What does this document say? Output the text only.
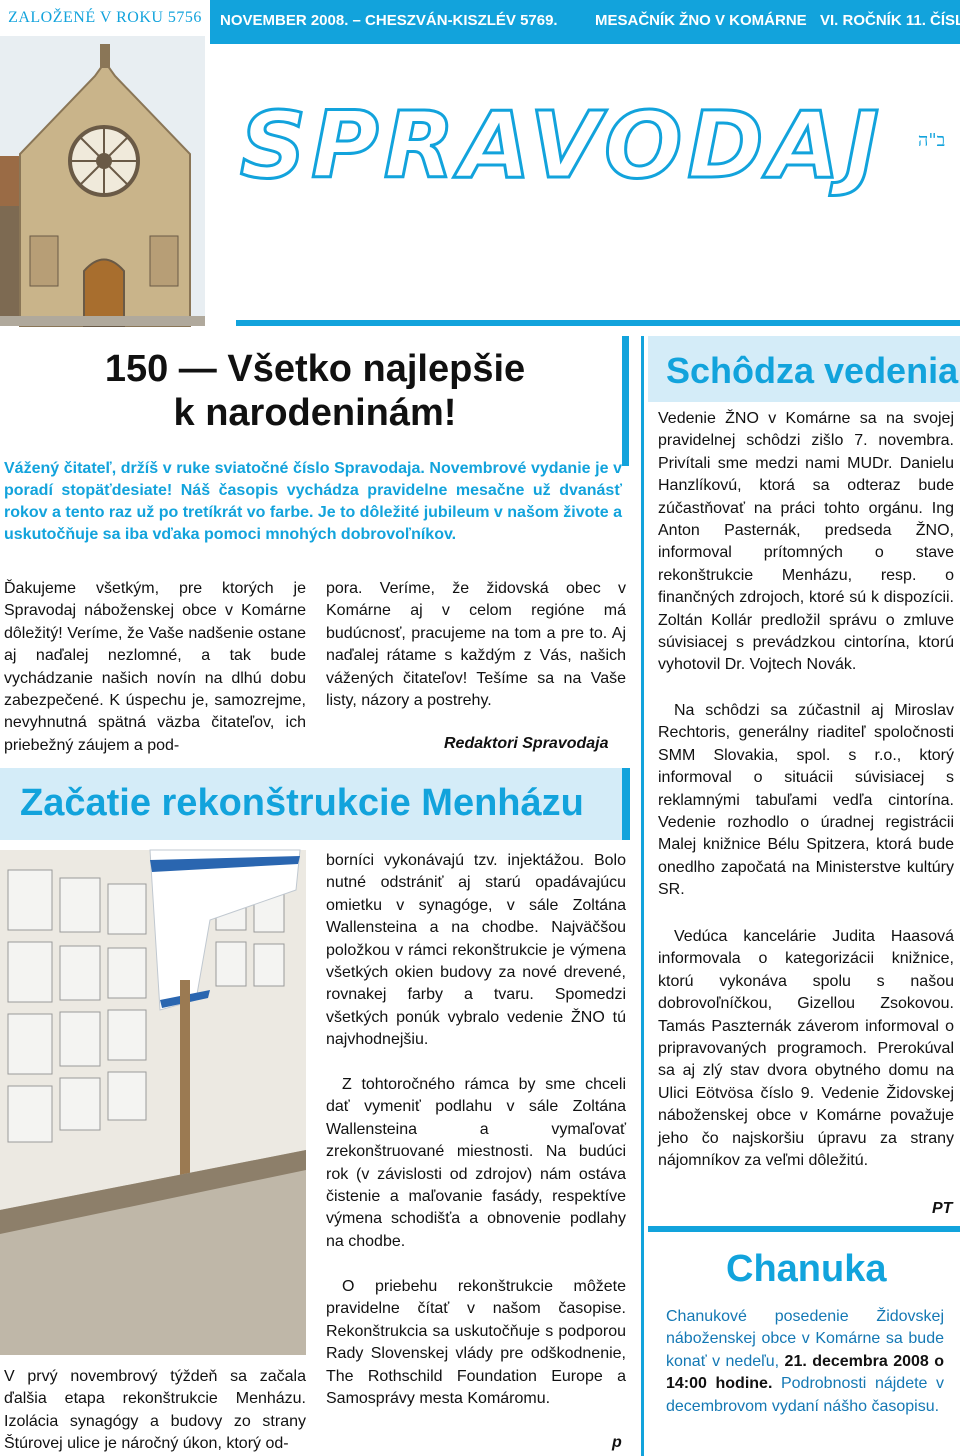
ZALOŽENÉ V ROKU 5756	NOVEMBER 2008. – CHESZVÁN-KISZLÉV 5769. MESAČNÍK ŽNO V KOMÁRNE VI. ROČNÍK 11. ČÍSLO
ב"ה
SPRAVODAJ
150 — Všetko najlepšie
k narodeninám!
Vážený čitateľ, držíš v ruke sviatočné číslo Spravodaja. Novembrové vydanie je v poradí stopäťdesiate! Náš časopis vychádza pravidelne mesačne už dvanásť rokov a tento raz už po tretíkrát vo farbe. Je to dôležité jubileum v našom živote a uskutočňuje sa iba vďaka pomoci mnohých dobrovoľníkov.
Ďakujeme všetkým, pre ktorých je Spravodaj náboženskej obce v Komárne dôležitý! Veríme, že Vaše nadšenie ostane aj naďalej nezlomné, a tak bude vychádzanie našich novín na dlhú dobu zabezpečené. K úspechu je, samozrejme, nevyhnutná spätná väzba čitateľov, ich priebežný záujem a pod-
pora. Veríme, že židovská obec v Komárne aj v celom regióne má budúcnosť, pracujeme na tom a pre to. Aj naďalej rátame s každým z Vás, našich vážených čitateľov! Tešíme sa na Vaše listy, názory a postrehy.
Redaktori Spravodaja
Začatie rekonštrukcie Menházu
V prvý novembrový týždeň sa začala ďalšia etapa rekonštrukcie Menházu. Izolácia synagógy a budovy zo strany Štúrovej ulice je náročný úkon, ktorý od-
borníci vykonávajú tzv. injektážou. Bolo nutné odstrániť aj starú opadávajúcu omietku v synagóge, v sále Zoltána Wallensteina a na chodbe. Najväčšou položkou v rámci rekonštrukcie je výmena všetkých okien budovy za nové drevené, rovnakej farby a tvaru. Spomedzi všetkých ponúk vybralo vedenie ŽNO tú najvhodnejšiu.
Z tohtoročného rámca by sme chceli dať vymeniť podlahu v sále Zoltána Wallensteina a vymaľovať zrekonštruované miestnosti. Na budúci rok (v závislosti od zdrojov) nám ostáva čistenie a maľovanie fasády, respektíve výmena schodišťa a obnovenie podlahy na chodbe.
O priebehu rekonštrukcie môžete pravidelne čítať v našom časopise. Rekonštrukcia sa uskutočňuje s podporou Rady Slovenskej vlády pre odškodnenie, The Rothschild Foundation Europe a Samosprávy mesta Komáromu.
p
Schôdza vedenia
Vedenie ŽNO v Komárne sa na svojej pravidelnej schôdzi zišlo 7. novembra. Privítali sme medzi nami MUDr. Danielu Hanzlíkovú, ktorá sa odteraz bude zúčastňovať na práci tohto orgánu. Ing Anton Pasternák, predseda ŽNO, informoval prítomných o stave rekonštrukcie Menházu, resp. o finančných zdrojoch, ktoré sú k dispozícii. Zoltán Kollár predložil správu o zmluve súvisiacej s prevádzkou cintorína, ktorú vyhotovil Dr. Vojtech Novák.
Na schôdzi sa zúčastnil aj Miroslav Rechtoris, generálny riaditeľ spoločnosti SMM Slovakia, spol. s r.o., ktorý informoval o situácii súvisiacej s reklamnými tabuľami vedľa cintorína. Vedenie rozhodlo o úradnej registrácii Malej knižnice Bélu Spitzera, ktorá bude onedlho započatá na Ministerstve kultúry SR.
Vedúca kancelárie Judita Haasová informovala o kategorizácii knižnice, ktorú vykonáva spolu s našou dobrovoľníčkou, Gizellou Zsokovou. Tamás Paszternák záverom informoval o pripravovaných programoch. Prerokúval sa aj zlý stav dvora obytného domu na Ulici Eötvösa číslo 9. Vedenie Židovskej náboženskej obce v Komárne považuje jeho čo najskoršiu úpravu za strany nájomníkov za veľmi dôležitú.
PT
Chanuka
Chanukové posedenie Židovskej náboženskej obce v Komárne sa bude konať v nedeľu, 21. decembra 2008 o 14:00 hodine. Podrobnosti nájdete v decembrovom vydaní nášho časopisu.
